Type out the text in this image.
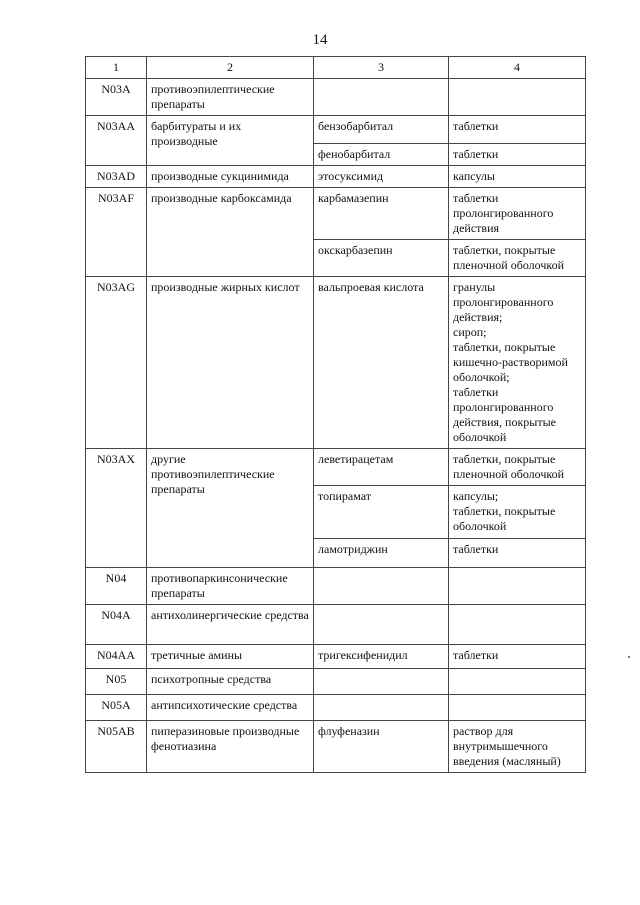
14
1	2	3	4
N03A	противоэпилептические препараты		
N03AA	барбитураты и их производные	бензобарбитал	таблетки
		фенобарбитал	таблетки
N03AD	производные сукцинимида	этосуксимид	капсулы
N03AF	производные карбоксамида	карбамазепин	таблетки пролонгированного действия
		окскарбазепин	таблетки, покрытые пленочной оболочкой
N03AG	производные жирных кислот	вальпроевая кислота	гранулы пролонгированного действия;
сироп;
таблетки, покрытые кишечно-растворимой оболочкой;
таблетки пролонгированного действия, покрытые оболочкой
N03AX	другие противоэпилептические препараты	леветирацетам	таблетки, покрытые пленочной оболочкой
		топирамат	капсулы;
таблетки, покрытые оболочкой
		ламотриджин	таблетки
N04	противопаркинсонические препараты		
N04A	антихолинергические средства		
N04AA	третичные амины	тригексифенидил	таблетки
N05	психотропные средства		
N05A	антипсихотические средства		
N05AB	пиперазиновые производные фенотиазина	флуфеназин	раствор для внутримышечного введения (масляный)
